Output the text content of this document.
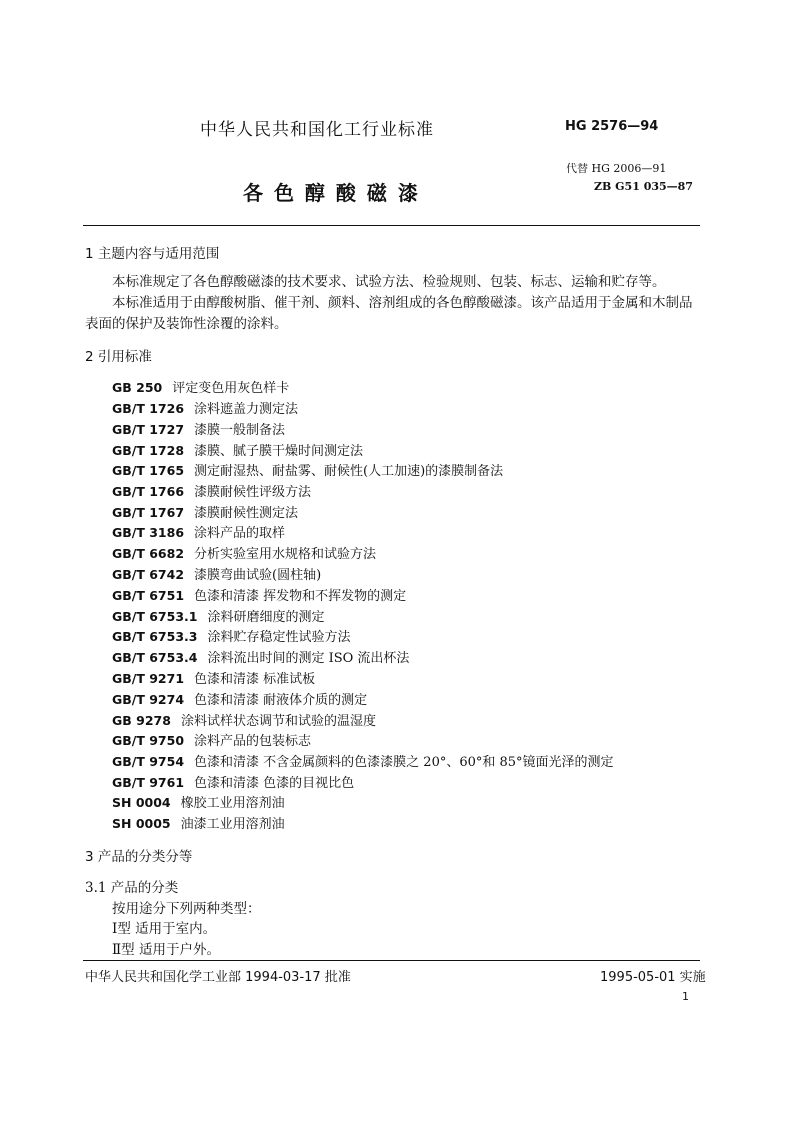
中华人民共和国化工行业标准	HG 2576—94
代替 HG 2006—91
各 色 醇 酸 磁 漆	ZB G51 035—87
1 主题内容与适用范围
本标准规定了各色醇酸磁漆的技术要求、试验方法、检验规则、包装、标志、运输和贮存等。
本标准适用于由醇酸树脂、催干剂、颜料、溶剂组成的各色醇酸磁漆。该产品适用于金属和木制品表面的保护及装饰性涂覆的涂料。
2 引用标准
GB 250 评定变色用灰色样卡
GB/T 1726 涂料遮盖力测定法
GB/T 1727 漆膜一般制备法
GB/T 1728 漆膜、腻子膜干燥时间测定法
GB/T 1765 测定耐湿热、耐盐雾、耐候性(人工加速)的漆膜制备法
GB/T 1766 漆膜耐候性评级方法
GB/T 1767 漆膜耐候性测定法
GB/T 3186 涂料产品的取样
GB/T 6682 分析实验室用水规格和试验方法
GB/T 6742 漆膜弯曲试验(圆柱轴)
GB/T 6751 色漆和清漆 挥发物和不挥发物的测定
GB/T 6753.1 涂料研磨细度的测定
GB/T 6753.3 涂料贮存稳定性试验方法
GB/T 6753.4 涂料流出时间的测定 ISO 流出杯法
GB/T 9271 色漆和清漆 标准试板
GB/T 9274 色漆和清漆 耐液体介质的测定
GB 9278 涂料试样状态调节和试验的温湿度
GB/T 9750 涂料产品的包装标志
GB/T 9754 色漆和清漆 不含金属颜料的色漆漆膜之 20°、60°和 85°镜面光泽的测定
GB/T 9761 色漆和清漆 色漆的目视比色
SH 0004 橡胶工业用溶剂油
SH 0005 油漆工业用溶剂油
3 产品的分类分等
3.1 产品的分类
按用途分下列两种类型：
Ⅰ型 适用于室内。
Ⅱ型 适用于户外。
中华人民共和国化学工业部 1994-03-17 批准	1995-05-01 实施
1
